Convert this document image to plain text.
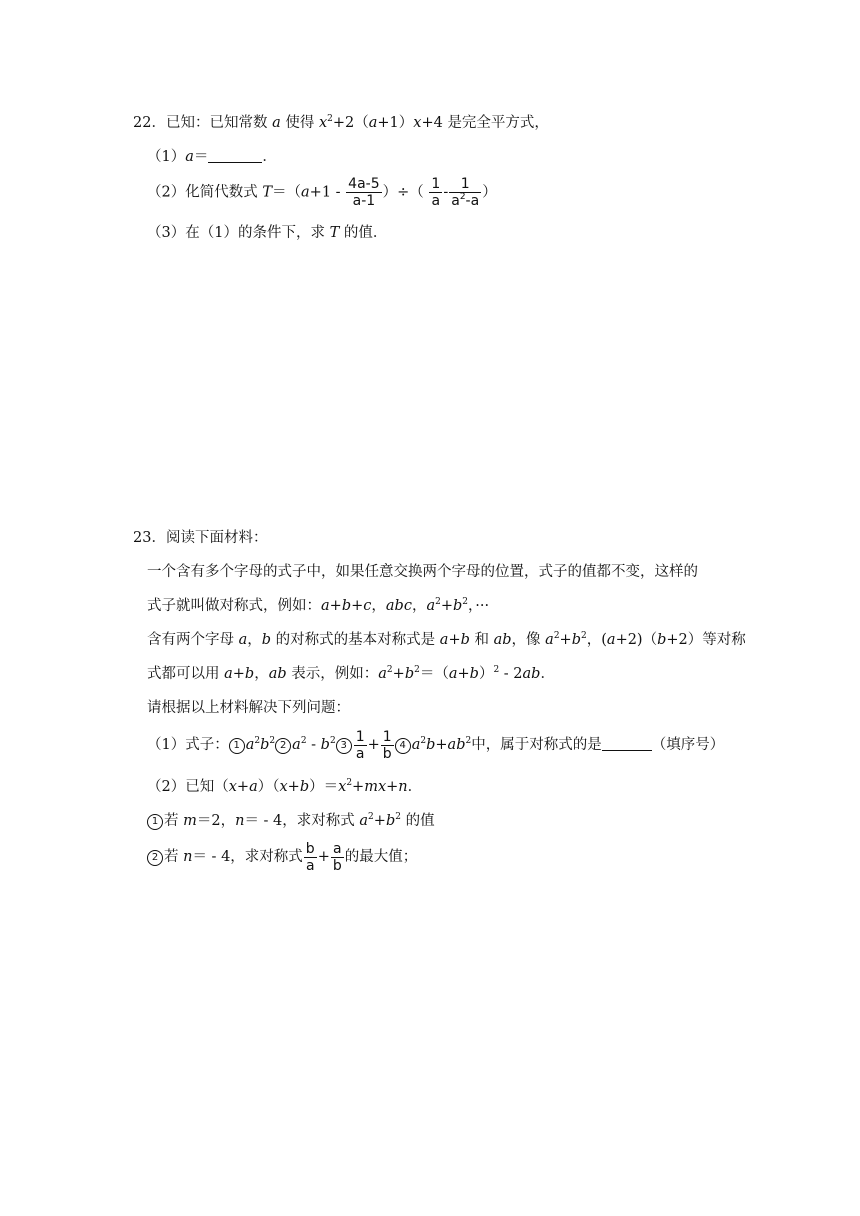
22．已知：已知常数 a 使得 $x^2+2(a+1)x+4$ 是完全平方式，
（1）a＝	．
（2）化简代数式 $T=(a+1 - \frac{4a-5}{a-1}$ ）÷（ $\frac{1}{a} - \frac{1}{a^2-a}$ ）
（3）在（1）的条件下，求 T 的值．
23．阅读下面材料：
一个含有多个字母的式子中，如果任意交换两个字母的位置，式子的值都不变，这样的
式子就叫做对称式，例如：a+b+c，abc，$a^2+b^2$，···
含有两个字母 a，b 的对称式的基本对称式是 a+b 和 ab，像 $a^2+b^2$，(a+2)（b+2）等对称
式都可以用 a+b，ab 表示，例如：$a^2+b^2=(a+b)^2 - 2ab$．
请根据以上材料解决下列问题：
（1）式子： 1 $a^2b^2$ 2 $a^2 - b^2$ $3 \frac{1}{a} + \frac{1}{b} 4$ $a^2b+ab^2$中，属于对称式的是	（填序号）
（2）已知$(x+a)(x+b)=x^2+mx+n$．
1 若 m＝2，n＝ - 4，求对称式 $a^2+b^2$ 的值
2 若 n＝ - 4，求对称式 $\frac{b}{a} + \frac{a}{b}$ 的最大值；
